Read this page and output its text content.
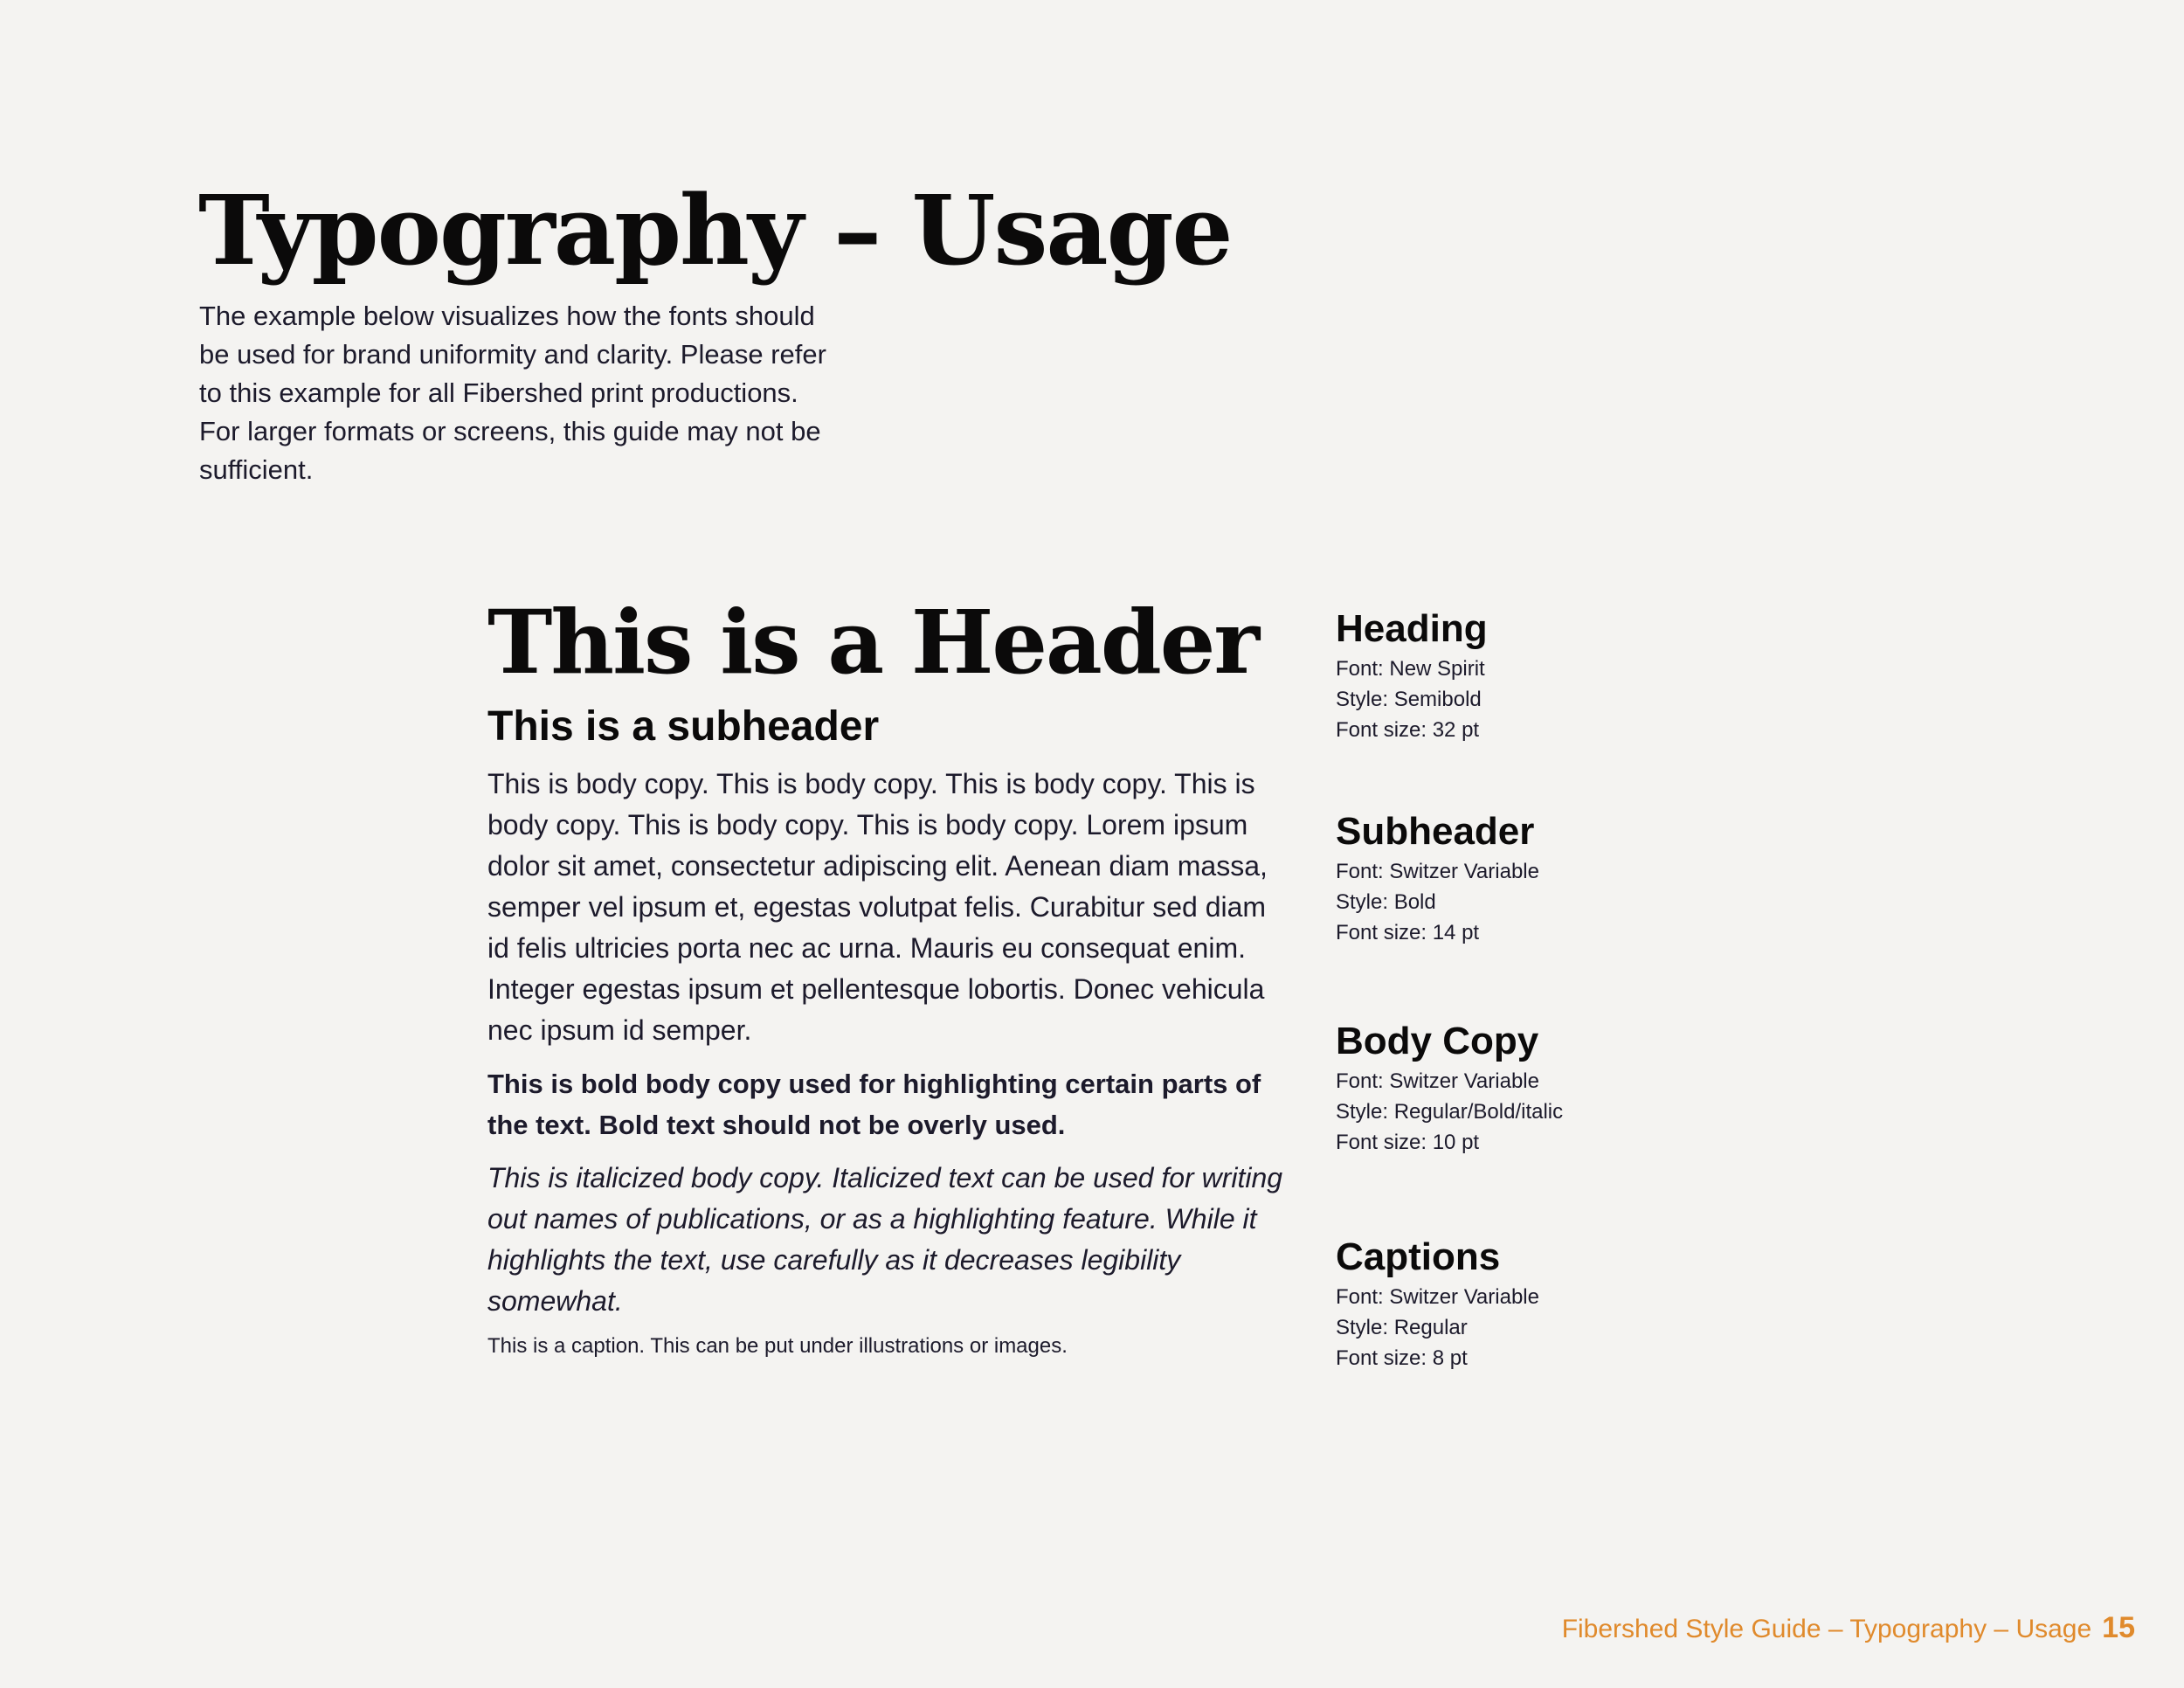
Typography – Usage

The example below visualizes how the fonts should be used for brand uniformity and clarity. Please refer to this example for all Fibershed print productions. For larger formats or screens, this guide may not be sufficient.

This is a Header
This is a subheader

This is body copy. This is body copy. This is body copy. This is body copy. This is body copy. This is body copy. Lorem ipsum dolor sit amet, consectetur adipiscing elit. Aenean diam massa, semper vel ipsum et, egestas volutpat felis. Curabitur sed diam id felis ultricies porta nec ac urna. Mauris eu consequat enim. Integer egestas ipsum et pellentesque lobortis. Donec vehicula nec ipsum id semper.

This is bold body copy used for highlighting certain parts of the text. Bold text should not be overly used.

This is italicized body copy. Italicized text can be used for writing out names of publications, or as a highlighting feature. While it highlights the text, use carefully as it decreases legibility somewhat.

This is a caption. This can be put under illustrations or images.

Heading

Font: New Spirit

Style: Semibold

Font size: 32 pt

Subheader

Font: Switzer Variable

Style: Bold

Font size: 14 pt

Body Copy

Font: Switzer Variable

Style: Regular/Bold/italic

Font size: 10 pt

Captions

Font: Switzer Variable

Style: Regular

Font size: 8 pt

Fibershed Style Guide – Typography – Usage 15
